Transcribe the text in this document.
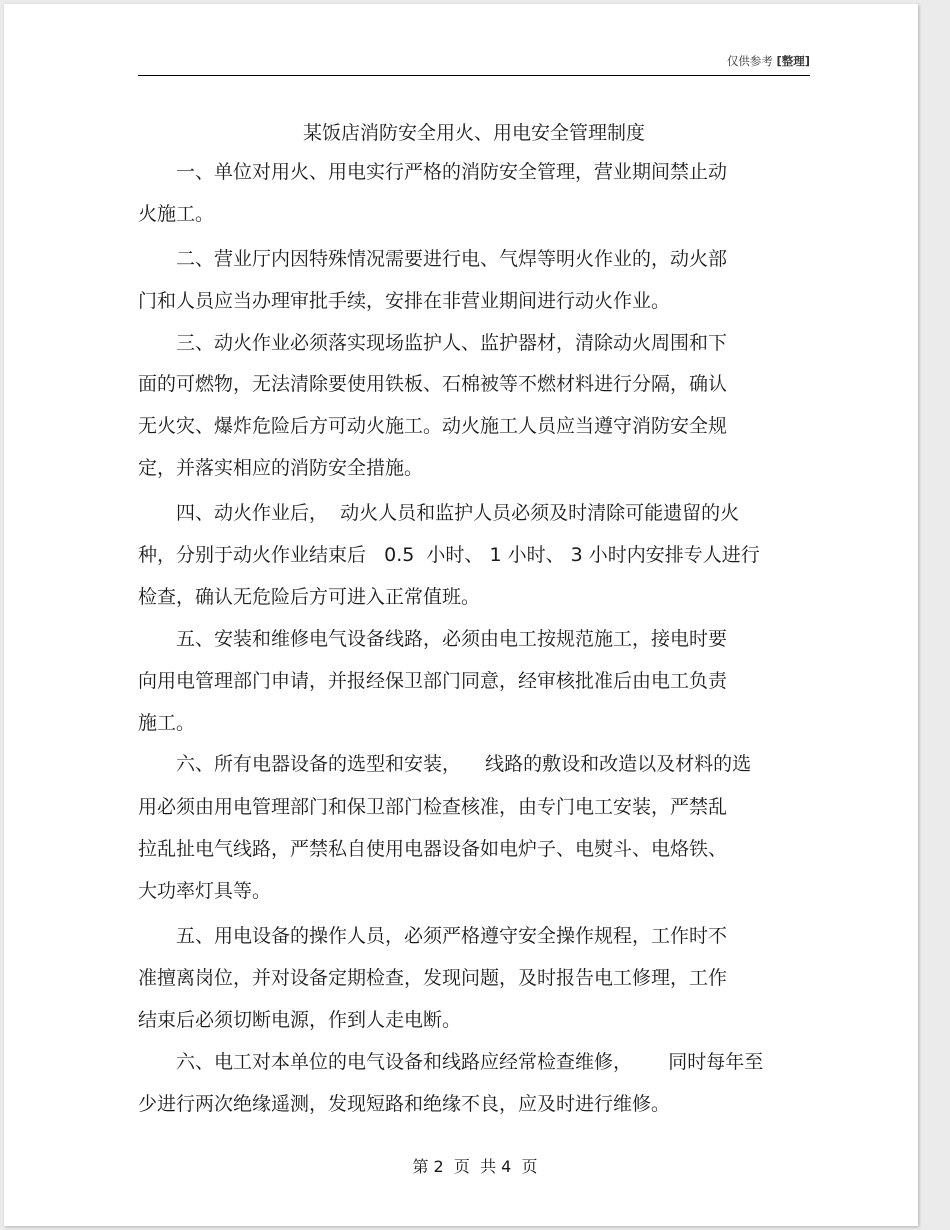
仅供参考 [整理]
某饭店消防安全用火、用电安全管理制度
　　一、单位对用火、用电实行严格的消防安全管理，营业期间禁止动
火施工。
　　二、营业厅内因特殊情况需要进行电、气焊等明火作业的，动火部
门和人员应当办理审批手续，安排在非营业期间进行动火作业。
　　三、动火作业必须落实现场监护人、监护器材，清除动火周围和下
面的可燃物，无法清除要使用铁板、石棉被等不燃材料进行分隔，确认
无火灾、爆炸危险后方可动火施工。动火施工人员应当遵守消防安全规
定，并落实相应的消防安全措施。
　　四、动火作业后，  动火人员和监护人员必须及时清除可能遗留的火
种，分别于动火作业结束后   0.5  小时、 1 小时、 3 小时内安排专人进行
检查，确认无危险后方可进入正常值班。
　　五、安装和维修电气设备线路，必须由电工按规范施工，接电时要
向用电管理部门申请，并报经保卫部门同意，经审核批准后由电工负责
施工。
　　六、所有电器设备的选型和安装，    线路的敷设和改造以及材料的选
用必须由用电管理部门和保卫部门检查核准，由专门电工安装，严禁乱
拉乱扯电气线路，严禁私自使用电器设备如电炉子、电熨斗、电烙铁、
大功率灯具等。
　　五、用电设备的操作人员，必须严格遵守安全操作规程，工作时不
准擅离岗位，并对设备定期检查，发现问题，及时报告电工修理，工作
结束后必须切断电源，作到人走电断。
　　六、电工对本单位的电气设备和线路应经常检查维修，      同时每年至
少进行两次绝缘遥测，发现短路和绝缘不良，应及时进行维修。
第 2  页  共 4  页
